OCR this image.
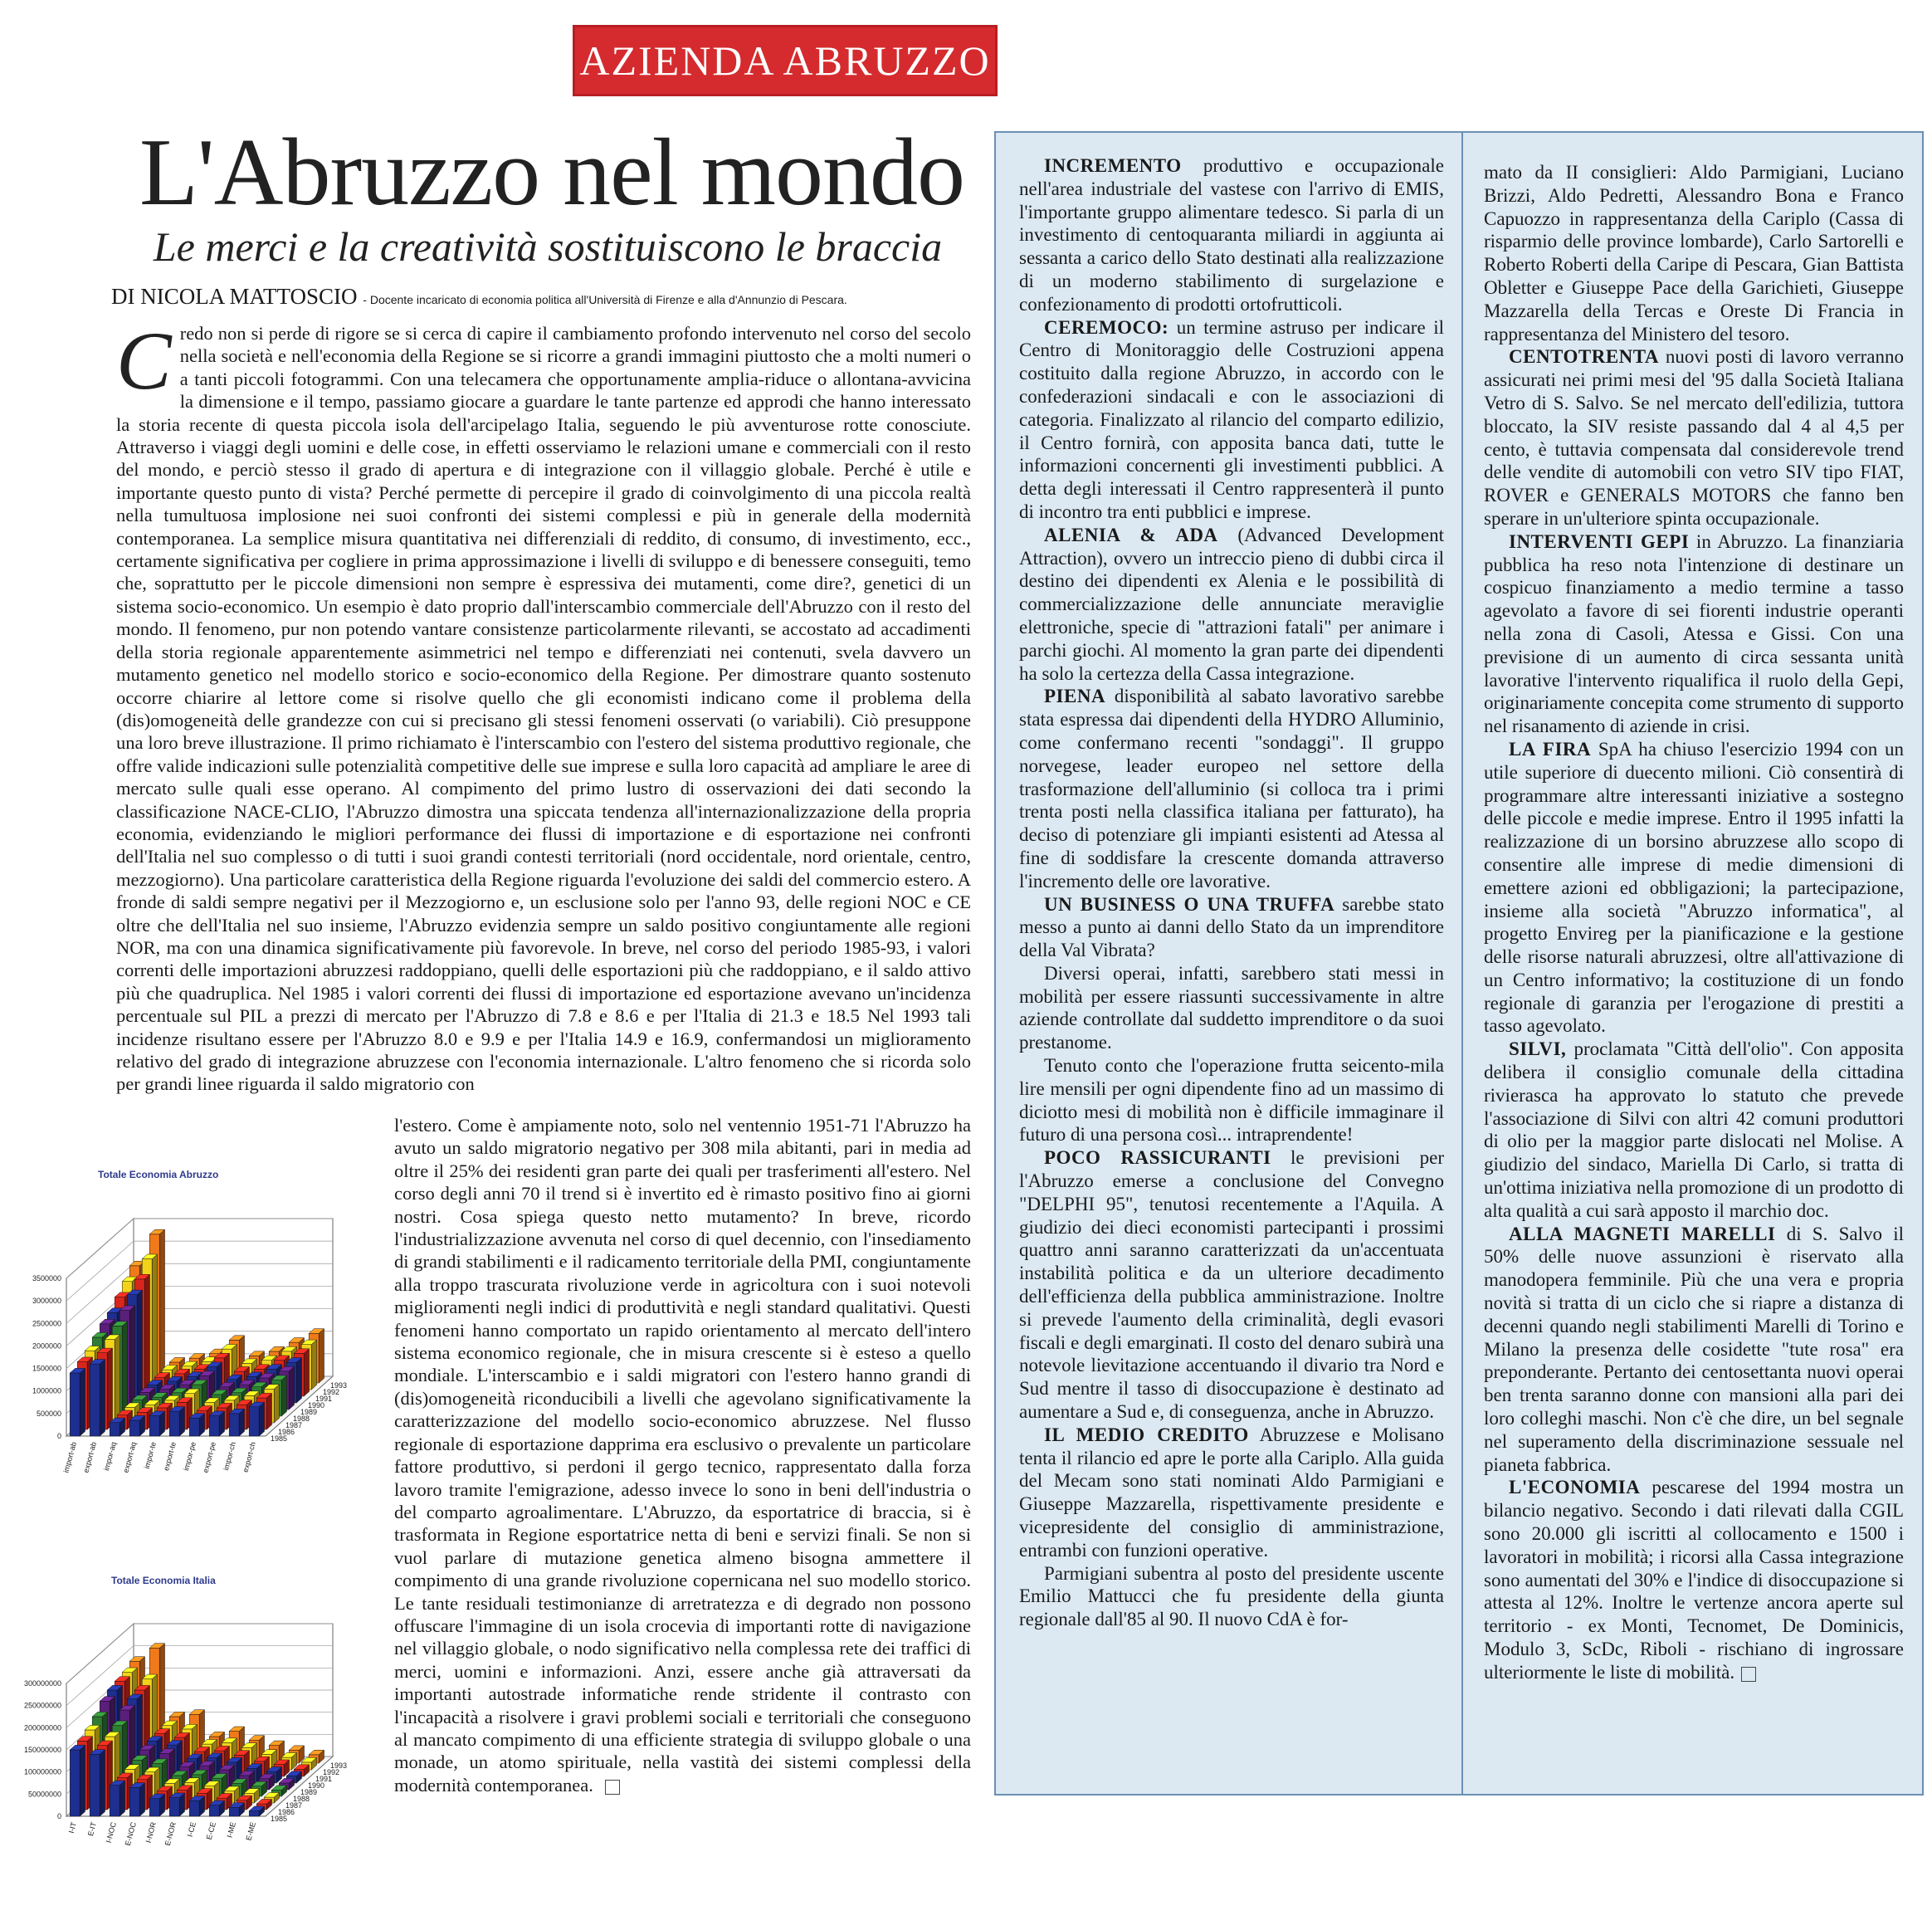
AZIENDA ABRUZZO
L'Abruzzo nel mondo
Le merci e la creatività sostituiscono le braccia
DI NICOLA MATTOSCIO - Docente incaricato di economia politica all'Università di Firenze e alla d'Annunzio di Pescara.
C redo non si perde di rigore se si cerca di capire il cambiamento profondo intervenuto nel corso del secolo nella società e nell'economia della Regione se si ricorre a grandi immagini piuttosto che a molti numeri o a tanti piccoli fotogrammi. Con una telecamera che opportunamente amplia-riduce o allontana-avvicina la dimensione e il tempo, passiamo giocare a guardare le tante partenze ed approdi che hanno interessato la storia recente di questa piccola isola dell'arcipelago Italia, seguendo le più avventurose rotte conosciute. Attraverso i viaggi degli uomini e delle cose, in effetti osserviamo le relazioni umane e commerciali con il resto del mondo, e perciò stesso il grado di apertura e di integrazione con il villaggio globale. Perché è utile e importante questo punto di vista? Perché permette di percepire il grado di coinvolgimento di una piccola realtà nella tumultuosa implosione nei suoi confronti dei sistemi complessi e più in generale della modernità contemporanea. La semplice misura quantitativa nei differenziali di reddito, di consumo, di investimento, ecc., certamente significativa per cogliere in prima approssimazione i livelli di sviluppo e di benessere conseguiti, temo che, soprattutto per le piccole dimensioni non sempre è espressiva dei mutamenti, come dire?, genetici di un sistema socio-economico. Un esempio è dato proprio dall'interscambio commerciale dell'Abruzzo con il resto del mondo. Il fenomeno, pur non potendo vantare consistenze particolarmente rilevanti, se accostato ad accadimenti della storia regionale apparentemente asimmetrici nel tempo e differenziati nei contenuti, svela davvero un mutamento genetico nel modello storico e socio-economico della Regione. Per dimostrare quanto sostenuto occorre chiarire al lettore come si risolve quello che gli economisti indicano come il problema della (dis)omogeneità delle grandezze con cui si precisano gli stessi fenomeni osservati (o variabili). Ciò presuppone una loro breve illustrazione. Il primo richiamato è l'interscambio con l'estero del sistema produttivo regionale, che offre valide indicazioni sulle potenzialità competitive delle sue imprese e sulla loro capacità ad ampliare le aree di mercato sulle quali esse operano. Al compimento del primo lustro di osservazioni dei dati secondo la classificazione NACE-CLIO, l'Abruzzo dimostra una spiccata tendenza all'internazionalizzazione della propria economia, evidenziando le migliori performance dei flussi di importazione e di esportazione nei confronti dell'Italia nel suo complesso o di tutti i suoi grandi contesti territoriali (nord occidentale, nord orientale, centro, mezzogiorno). Una particolare caratteristica della Regione riguarda l'evoluzione dei saldi del commercio estero. A fronde di saldi sempre negativi per il Mezzogiorno e, un esclusione solo per l'anno 93, delle regioni NOC e CE oltre che dell'Italia nel suo insieme, l'Abruzzo evidenzia sempre un saldo positivo congiuntamente alle regioni NOR, ma con una dinamica significativamente più favorevole. In breve, nel corso del periodo 1985-93, i valori correnti delle importazioni abruzzesi raddoppiano, quelli delle esportazioni più che raddoppiano, e il saldo attivo più che quadruplica. Nel 1985 i valori correnti dei flussi di importazione ed esportazione avevano un'incidenza percentuale sul PIL a prezzi di mercato per l'Abruzzo di 7.8 e 8.6 e per l'Italia di 21.3 e 18.5 Nel 1993 tali incidenze risultano essere per l'Abruzzo 8.0 e 9.9 e per l'Italia 14.9 e 16.9, confermandosi un miglioramento relativo del grado di integrazione abruzzese con l'economia internazionale. L'altro fenomeno che si ricorda solo per grandi linee riguarda il saldo migratorio con
l'estero. Come è ampiamente noto, solo nel ventennio 1951-71 l'Abruzzo ha avuto un saldo migratorio negativo per 308 mila abitanti, pari in media ad oltre il 25% dei residenti gran parte dei quali per trasferimenti all'estero. Nel corso degli anni 70 il trend si è invertito ed è rimasto positivo fino ai giorni nostri. Cosa spiega questo netto mutamento? In breve, ricordo l'industrializzazione avvenuta nel corso di quel decennio, con l'insediamento di grandi stabilimenti e il radicamento territoriale della PMI, congiuntamente alla troppo trascurata rivoluzione verde in agricoltura con i suoi notevoli miglioramenti negli indici di produttività e negli standard qualitativi. Questi fenomeni hanno comportato un rapido orientamento al mercato dell'intero sistema economico regionale, che in misura crescente si è esteso a quello mondiale. L'interscambio e i saldi migratori con l'estero hanno grandi di (dis)omogeneità riconducibili a livelli che agevolano significativamente la caratterizzazione del modello socio-economico abruzzese. Nel flusso regionale di esportazione dapprima era esclusivo o prevalente un particolare fattore produttivo, si perdoni il gergo tecnico, rappresentato dalla forza lavoro tramite l'emigrazione, adesso invece lo sono in beni dell'industria o del comparto agroalimentare. L'Abruzzo, da esportatrice di braccia, si è trasformata in Regione esportatrice netta di beni e servizi finali. Se non si vuol parlare di mutazione genetica almeno bisogna ammettere il compimento di una grande rivoluzione copernicana nel suo modello storico. Le tante residuali testimonianze di arretratezza e di degrado non possono offuscare l'immagine di un isola crocevia di importanti rotte di navigazione nel villaggio globale, o nodo significativo nella complessa rete dei traffici di merci, uomini e informazioni. Anzi, essere anche già attraversati da importanti autostrade informatiche rende stridente il contrasto con l'incapacità a risolvere i gravi problemi sociali e territoriali che conseguono al mancato compimento di una efficiente strategia di sviluppo globale o una monade, un atomo spirituale, nella vastità dei sistemi complessi della modernità contemporanea.
Totale Economia Abruzzo
3500000
3000000
2500000
2000000
1500000
1000000
500000
0
import-ab export-ab impor-aq export-aq impor-te export-te impor-pe export-pe impor-ch export-ch
1993
1992
1991
1990
1989
1988
1987
1986
1985
Totale Economia Italia
300000000
250000000
200000000
150000000
100000000
50000000
0
I-IT E-IT I-NOC E-NOC I-NOR E-NOR I-CE E-CE I-ME E-ME
1993
1992
1991
1990
1989
1988
1987
1986
1985

INCREMENTO produttivo e occupazionale nell'area industriale del vastese con l'arrivo di EMIS, l'importante gruppo alimentare tedesco. Si parla di un investimento di centoquaranta miliardi in aggiunta ai sessanta a carico dello Stato destinati alla realizzazione di un moderno stabilimento di surgelazione e confezionamento di prodotti ortofrutticoli.

CEREMOCO: un termine astruso per indicare il Centro di Monitoraggio delle Costruzioni appena costituito dalla regione Abruzzo, in accordo con le confederazioni sindacali e con le associazioni di categoria. Finalizzato al rilancio del comparto edilizio, il Centro fornirà, con apposita banca dati, tutte le informazioni concernenti gli investimenti pubblici. A detta degli interessati il Centro rappresenterà il punto di incontro tra enti pubblici e imprese.

ALENIA & ADA (Advanced Development Attraction), ovvero un intreccio pieno di dubbi circa il destino dei dipendenti ex Alenia e le possibilità di commercializzazione delle annunciate meraviglie elettroniche, specie di "attrazioni fatali" per animare i parchi giochi. Al momento la gran parte dei dipendenti ha solo la certezza della Cassa integrazione.

PIENA disponibilità al sabato lavorativo sarebbe stata espressa dai dipendenti della HYDRO Alluminio, come confermano recenti "sondaggi". Il gruppo norvegese, leader europeo nel settore della trasformazione dell'alluminio (si colloca tra i primi trenta posti nella classifica italiana per fatturato), ha deciso di potenziare gli impianti esistenti ad Atessa al fine di soddisfare la crescente domanda attraverso l'incremento delle ore lavorative.

UN BUSINESS O UNA TRUFFA sarebbe stato messo a punto ai danni dello Stato da un imprenditore della Val Vibrata?

Diversi operai, infatti, sarebbero stati messi in mobilità per essere riassunti successivamente in altre aziende controllate dal suddetto imprenditore o da suoi prestanome.

Tenuto conto che l'operazione frutta seicento-mila lire mensili per ogni dipendente fino ad un massimo di diciotto mesi di mobilità non è difficile immaginare il futuro di una persona così... intraprendente!

POCO RASSICURANTI le previsioni per l'Abruzzo emerse a conclusione del Convegno "DELPHI 95", tenutosi recentemente a l'Aquila. A giudizio dei dieci economisti partecipanti i prossimi quattro anni saranno caratterizzati da un'accentuata instabilità politica e da un ulteriore decadimento dell'efficienza della pubblica amministrazione. Inoltre si prevede l'aumento della criminalità, degli evasori fiscali e degli emarginati. Il costo del denaro subirà una notevole lievitazione accentuando il divario tra Nord e Sud mentre il tasso di disoccupazione è destinato ad aumentare a Sud e, di conseguenza, anche in Abruzzo.

IL MEDIO CREDITO Abruzzese e Molisano tenta il rilancio ed apre le porte alla Cariplo. Alla guida del Mecam sono stati nominati Aldo Parmigiani e Giuseppe Mazzarella, rispettivamente presidente e vicepresidente del consiglio di amministrazione, entrambi con funzioni operative.

Parmigiani subentra al posto del presidente uscente Emilio Mattucci che fu presidente della giunta regionale dall'85 al 90. Il nuovo CdA è for-

mato da II consiglieri: Aldo Parmigiani, Luciano Brizzi, Aldo Pedretti, Alessandro Bona e Franco Capuozzo in rappresentanza della Cariplo (Cassa di risparmio delle province lombarde), Carlo Sartorelli e Roberto Roberti della Caripe di Pescara, Gian Battista Obletter e Giuseppe Pace della Garichieti, Giuseppe Mazzarella della Tercas e Oreste Di Francia in rappresentanza del Ministero del tesoro.

CENTOTRENTA nuovi posti di lavoro verranno assicurati nei primi mesi del '95 dalla Società Italiana Vetro di S. Salvo. Se nel mercato dell'edilizia, tuttora bloccato, la SIV resiste passando dal 4 al 4,5 per cento, è tuttavia compensata dal considerevole trend delle vendite di automobili con vetro SIV tipo FIAT, ROVER e GENERALS MOTORS che fanno ben sperare in un'ulteriore spinta occupazionale.

INTERVENTI GEPI in Abruzzo. La finanziaria pubblica ha reso nota l'intenzione di destinare un cospicuo finanziamento a medio termine a tasso agevolato a favore di sei fiorenti industrie operanti nella zona di Casoli, Atessa e Gissi. Con una previsione di un aumento di circa sessanta unità lavorative l'intervento riqualifica il ruolo della Gepi, originariamente concepita come strumento di supporto nel risanamento di aziende in crisi.

LA FIRA SpA ha chiuso l'esercizio 1994 con un utile superiore di duecento milioni. Ciò consentirà di programmare altre interessanti iniziative a sostegno delle piccole e medie imprese. Entro il 1995 infatti la realizzazione di un borsino abruzzese allo scopo di consentire alle imprese di medie dimensioni di emettere azioni ed obbligazioni; la partecipazione, insieme alla società "Abruzzo informatica", al progetto Envireg per la pianificazione e la gestione delle risorse naturali abruzzesi, oltre all'attivazione di un Centro informativo; la costituzione di un fondo regionale di garanzia per l'erogazione di prestiti a tasso agevolato.

SILVI, proclamata "Città dell'olio". Con apposita delibera il consiglio comunale della cittadina rivierasca ha approvato lo statuto che prevede l'associazione di Silvi con altri 42 comuni produttori di olio per la maggior parte dislocati nel Molise. A giudizio del sindaco, Mariella Di Carlo, si tratta di un'ottima iniziativa nella promozione di un prodotto di alta qualità a cui sarà apposto il marchio doc.

ALLA MAGNETI MARELLI di S. Salvo il 50% delle nuove assunzioni è riservato alla manodopera femminile. Più che una vera e propria novità si tratta di un ciclo che si riapre a distanza di decenni quando negli stabilimenti Marelli di Torino e Milano la presenza delle cosidette "tute rosa" era preponderante. Pertanto dei centosettanta nuovi operai ben trenta saranno donne con mansioni alla pari dei loro colleghi maschi. Non c'è che dire, un bel segnale nel superamento della discriminazione sessuale nel pianeta fabbrica.

L'ECONOMIA pescarese del 1994 mostra un bilancio negativo. Secondo i dati rilevati dalla CGIL sono 20.000 gli iscritti al collocamento e 1500 i lavoratori in mobilità; i ricorsi alla Cassa integrazione sono aumentati del 30% e l'indice di disoccupazione si attesta al 12%. Inoltre le vertenze ancora aperte sul territorio - ex Monti, Tecnomet, De Dominicis, Modulo 3, ScDc, Riboli - rischiano di ingrossare ulteriormente le liste di mobilità.
